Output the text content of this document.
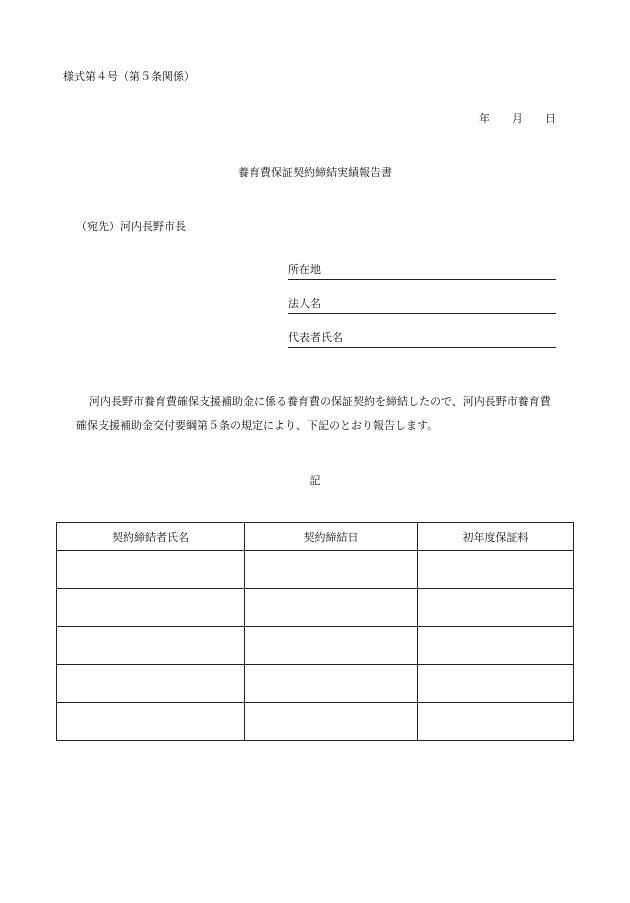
様式第４号（第５条関係）
年 月 日
養育費保証契約締結実績報告書
（宛先）河内長野市長
所在地
法人名
代表者氏名
河内長野市養育費確保支援補助金に係る養育費の保証契約を締結したので、河内長野市養育費確保支援補助金交付要綱第５条の規定により、下記のとおり報告します。
記
契約締結者氏名	契約締結日	初年度保証料
